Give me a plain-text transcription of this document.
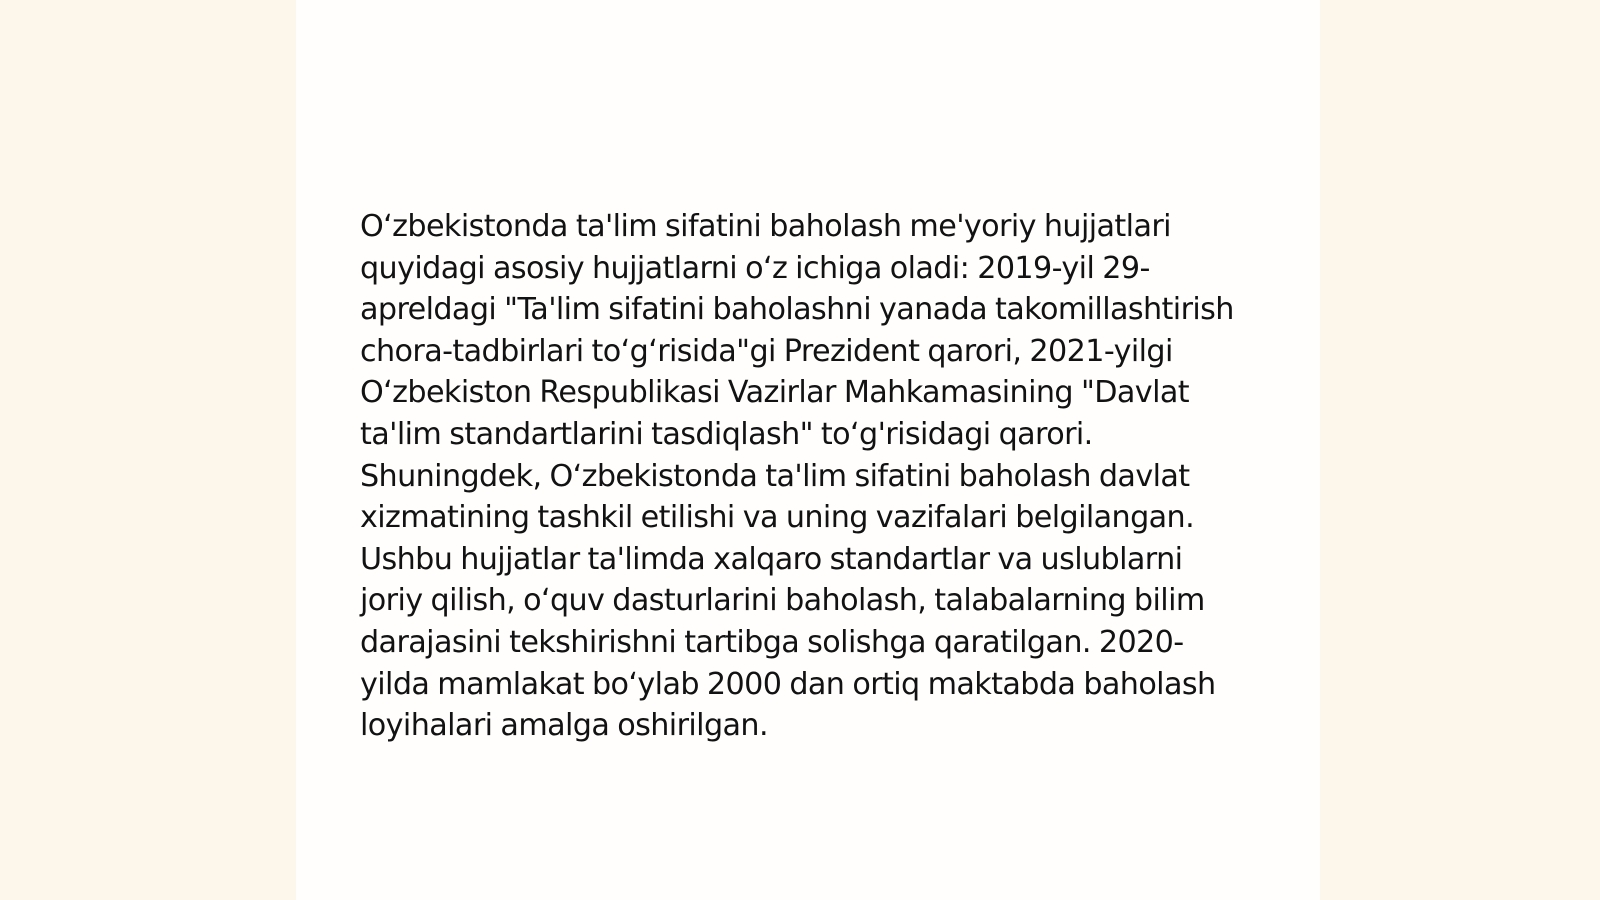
O‘zbekistonda ta'lim sifatini baholash me'yoriy hujjatlari quyidagi asosiy hujjatlarni o‘z ichiga oladi: 2019-yil 29-apreldagi "Ta'lim sifatini baholashni yanada takomillashtirish chora-tadbirlari to‘g‘risida"gi Prezident qarori, 2021-yilgi O‘zbekiston Respublikasi Vazirlar Mahkamasining "Davlat ta'lim standartlarini tasdiqlash" to‘g'risidagi qarori. Shuningdek, O‘zbekistonda ta'lim sifatini baholash davlat xizmatining tashkil etilishi va uning vazifalari belgilangan. Ushbu hujjatlar ta'limda xalqaro standartlar va uslublarni joriy qilish, o‘quv dasturlarini baholash, talabalarning bilim darajasini tekshirishni tartibga solishga qaratilgan. 2020-yilda mamlakat bo‘ylab 2000 dan ortiq maktabda baholash loyihalari amalga oshirilgan.
